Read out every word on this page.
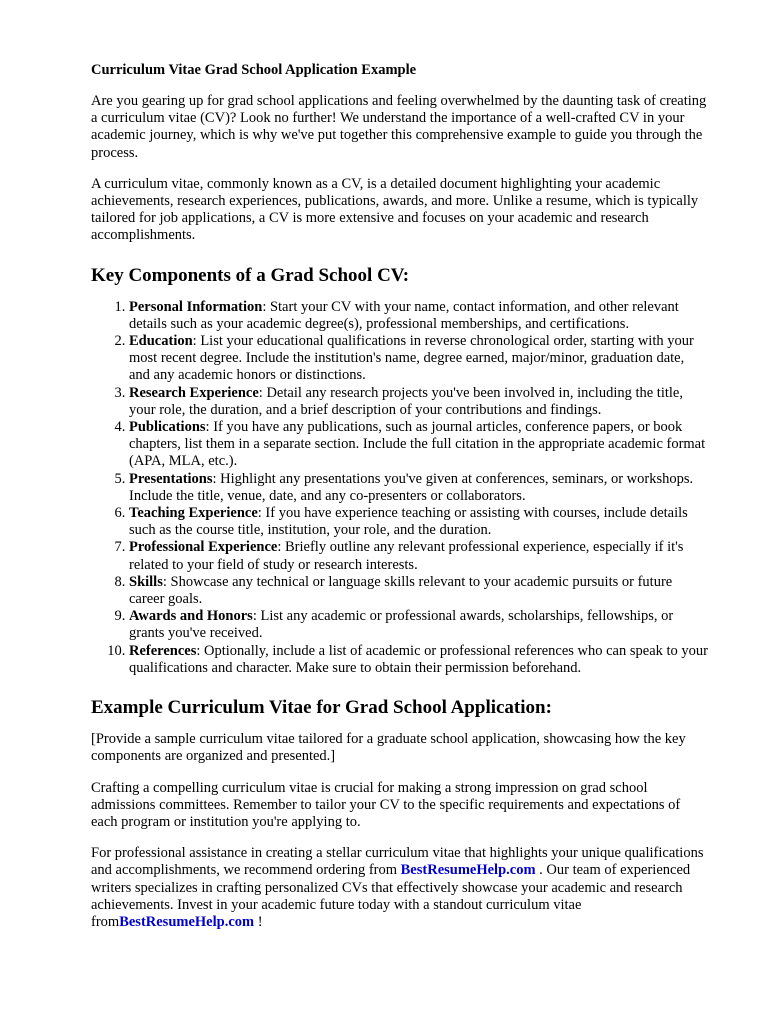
Curriculum Vitae Grad School Application Example

Are you gearing up for grad school applications and feeling overwhelmed by the daunting task of creating a curriculum vitae (CV)? Look no further! We understand the importance of a well-crafted CV in your academic journey, which is why we've put together this comprehensive example to guide you through the process.

A curriculum vitae, commonly known as a CV, is a detailed document highlighting your academic achievements, research experiences, publications, awards, and more. Unlike a resume, which is typically tailored for job applications, a CV is more extensive and focuses on your academic and research accomplishments.

Key Components of a Grad School CV:
1. Personal Information: Start your CV with your name, contact information, and other relevant details such as your academic degree(s), professional memberships, and certifications.
2. Education: List your educational qualifications in reverse chronological order, starting with your most recent degree. Include the institution's name, degree earned, major/minor, graduation date, and any academic honors or distinctions.
3. Research Experience: Detail any research projects you've been involved in, including the title, your role, the duration, and a brief description of your contributions and findings.
4. Publications: If you have any publications, such as journal articles, conference papers, or book chapters, list them in a separate section. Include the full citation in the appropriate academic format (APA, MLA, etc.).
5. Presentations: Highlight any presentations you've given at conferences, seminars, or workshops. Include the title, venue, date, and any co-presenters or collaborators.
6. Teaching Experience: If you have experience teaching or assisting with courses, include details such as the course title, institution, your role, and the duration.
7. Professional Experience: Briefly outline any relevant professional experience, especially if it's related to your field of study or research interests.
8. Skills: Showcase any technical or language skills relevant to your academic pursuits or future career goals.
9. Awards and Honors: List any academic or professional awards, scholarships, fellowships, or grants you've received.
10. References: Optionally, include a list of academic or professional references who can speak to your qualifications and character. Make sure to obtain their permission beforehand.
Example Curriculum Vitae for Grad School Application:

[Provide a sample curriculum vitae tailored for a graduate school application, showcasing how the key components are organized and presented.]

Crafting a compelling curriculum vitae is crucial for making a strong impression on grad school admissions committees. Remember to tailor your CV to the specific requirements and expectations of each program or institution you're applying to.

For professional assistance in creating a stellar curriculum vitae that highlights your unique qualifications and accomplishments, we recommend ordering from BestResumeHelp.com . Our team of experienced writers specializes in crafting personalized CVs that effectively showcase your academic and research achievements. Invest in your academic future today with a standout curriculum vitae fromBestResumeHelp.com !
